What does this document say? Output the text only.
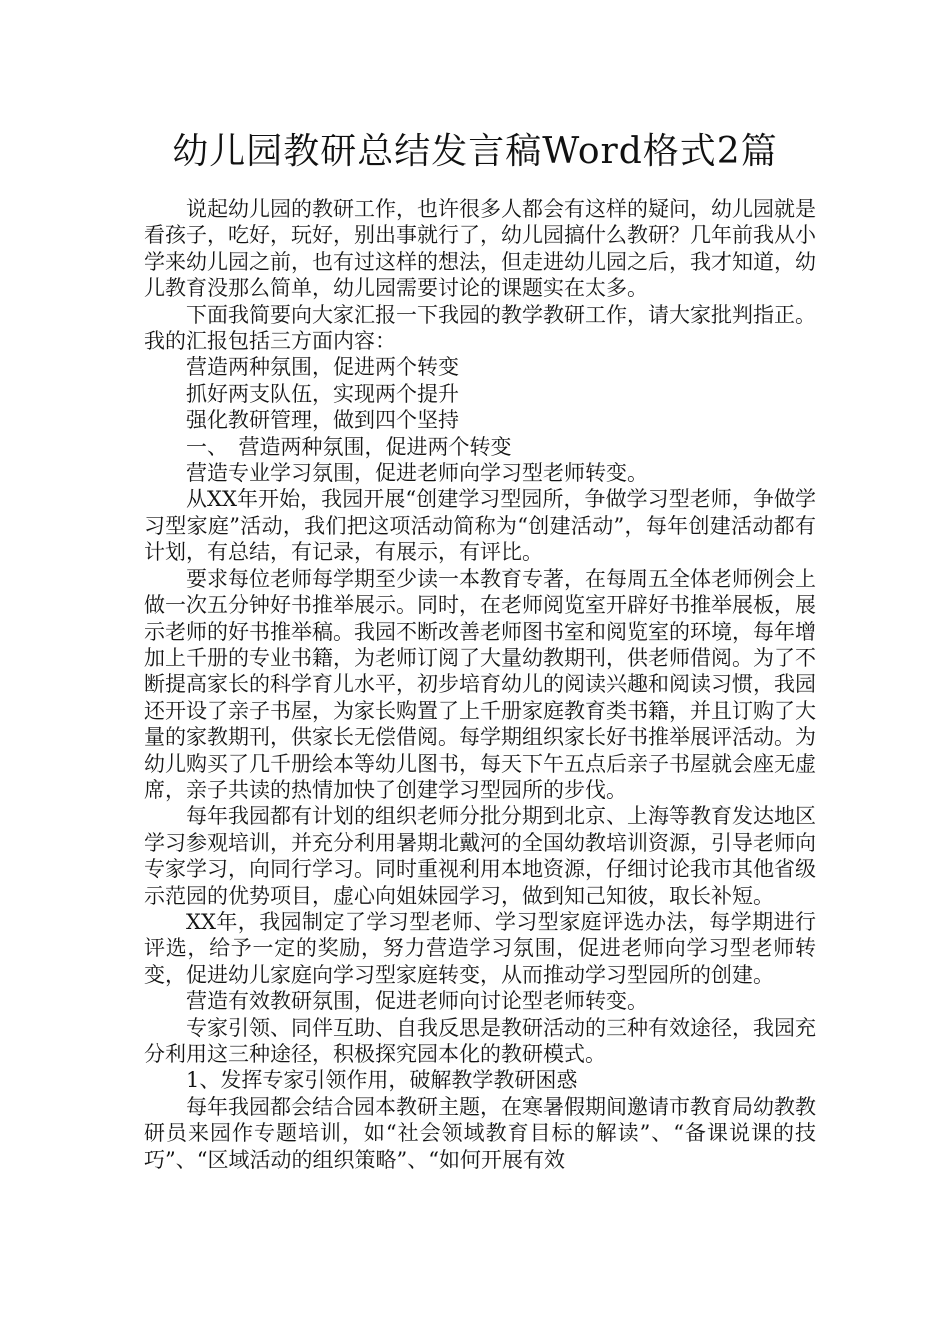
幼儿园教研总结发言稿Word格式2篇

说起幼儿园的教研工作，也许很多人都会有这样的疑问，幼儿园就是看孩子，吃好，玩好，别出事就行了，幼儿园搞什么教研？几年前我从小学来幼儿园之前，也有过这样的想法，但走进幼儿园之后，我才知道，幼儿教育没那么简单，幼儿园需要讨论的课题实在太多。

下面我简要向大家汇报一下我园的教学教研工作，请大家批判指正。我的汇报包括三方面内容：

营造两种氛围，促进两个转变

抓好两支队伍，实现两个提升

强化教研管理，做到四个坚持

一、　营造两种氛围，促进两个转变

营造专业学习氛围，促进老师向学习型老师转变。

从XX年开始，我园开展“创建学习型园所，争做学习型老师，争做学习型家庭”活动，我们把这项活动简称为“创建活动”，每年创建活动都有计划，有总结，有记录，有展示，有评比。

要求每位老师每学期至少读一本教育专著，在每周五全体老师例会上做一次五分钟好书推举展示。同时，在老师阅览室开辟好书推举展板，展示老师的好书推举稿。我园不断改善老师图书室和阅览室的环境，每年增加上千册的专业书籍，为老师订阅了大量幼教期刊，供老师借阅。为了不断提高家长的科学育儿水平，初步培育幼儿的阅读兴趣和阅读习惯，我园还开设了亲子书屋，为家长购置了上千册家庭教育类书籍，并且订购了大量的家教期刊，供家长无偿借阅。每学期组织家长好书推举展评活动。为幼儿购买了几千册绘本等幼儿图书，每天下午五点后亲子书屋就会座无虚席，亲子共读的热情加快了创建学习型园所的步伐。

每年我园都有计划的组织老师分批分期到北京、上海等教育发达地区学习参观培训，并充分利用暑期北戴河的全国幼教培训资源，引导老师向专家学习，向同行学习。同时重视利用本地资源，仔细讨论我市其他省级示范园的优势项目，虚心向姐妹园学习，做到知己知彼，取长补短。

XX年，我园制定了学习型老师、学习型家庭评选办法，每学期进行评选，给予一定的奖励，努力营造学习氛围，促进老师向学习型老师转变，促进幼儿家庭向学习型家庭转变，从而推动学习型园所的创建。

营造有效教研氛围，促进老师向讨论型老师转变。

专家引领、同伴互助、自我反思是教研活动的三种有效途径，我园充分利用这三种途径，积极探究园本化的教研模式。

1、发挥专家引领作用，破解教学教研困惑

每年我园都会结合园本教研主题，在寒暑假期间邀请市教育局幼教教研员来园作专题培训，如“社会领域教育目标的解读”、“备课说课的技巧”、“区域活动的组织策略”、“如何开展有效
